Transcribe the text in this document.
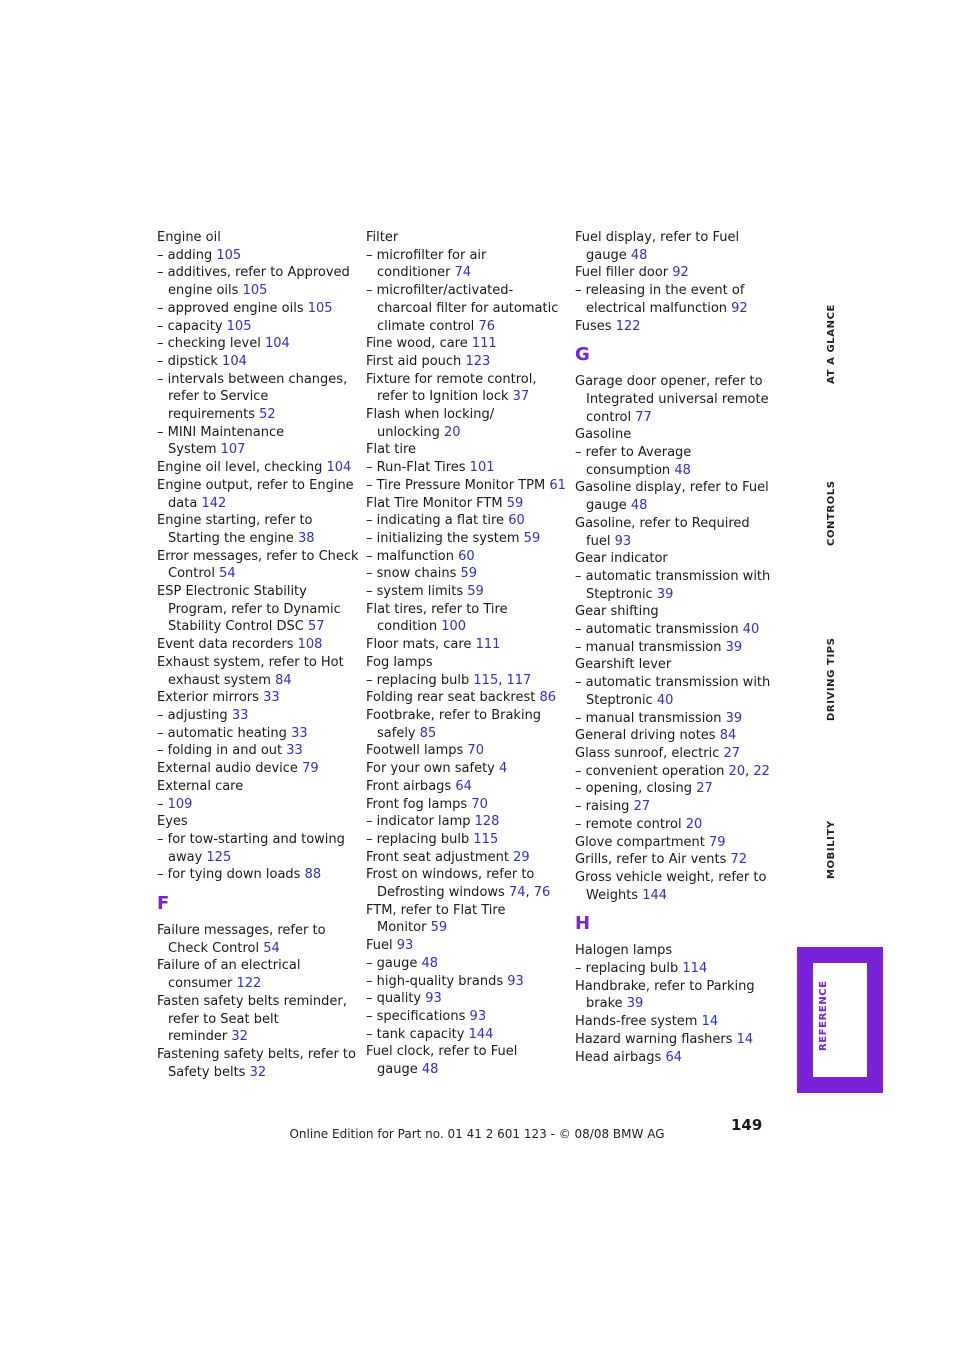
Engine oil
– adding 105
– additives, refer to Approved
engine oils 105
– approved engine oils 105
– capacity 105
– checking level 104
– dipstick 104
– intervals between changes,
refer to Service
requirements 52
– MINI Maintenance
System 107
Engine oil level, checking 104
Engine output, refer to Engine
data 142
Engine starting, refer to
Starting the engine 38
Error messages, refer to Check
Control 54
ESP Electronic Stability
Program, refer to Dynamic
Stability Control DSC 57
Event data recorders 108
Exhaust system, refer to Hot
exhaust system 84
Exterior mirrors 33
– adjusting 33
– automatic heating 33
– folding in and out 33
External audio device 79
External care
– 109
Eyes
– for tow-starting and towing
away 125
– for tying down loads 88
F
Failure messages, refer to
Check Control 54
Failure of an electrical
consumer 122
Fasten safety belts reminder,
refer to Seat belt
reminder 32
Fastening safety belts, refer to
Safety belts 32
Filter
– microfilter for air
conditioner 74
– microfilter/activated-
charcoal filter for automatic
climate control 76
Fine wood, care 111
First aid pouch 123
Fixture for remote control,
refer to Ignition lock 37
Flash when locking/
unlocking 20
Flat tire
– Run-Flat Tires 101
– Tire Pressure Monitor TPM 61
Flat Tire Monitor FTM 59
– indicating a flat tire 60
– initializing the system 59
– malfunction 60
– snow chains 59
– system limits 59
Flat tires, refer to Tire
condition 100
Floor mats, care 111
Fog lamps
– replacing bulb 115, 117
Folding rear seat backrest 86
Footbrake, refer to Braking
safely 85
Footwell lamps 70
For your own safety 4
Front airbags 64
Front fog lamps 70
– indicator lamp 128
– replacing bulb 115
Front seat adjustment 29
Frost on windows, refer to
Defrosting windows 74, 76
FTM, refer to Flat Tire
Monitor 59
Fuel 93
– gauge 48
– high-quality brands 93
– quality 93
– specifications 93
– tank capacity 144
Fuel clock, refer to Fuel
gauge 48
Fuel display, refer to Fuel
gauge 48
Fuel filler door 92
– releasing in the event of
electrical malfunction 92
Fuses 122
G
Garage door opener, refer to
Integrated universal remote
control 77
Gasoline
– refer to Average
consumption 48
Gasoline display, refer to Fuel
gauge 48
Gasoline, refer to Required
fuel 93
Gear indicator
– automatic transmission with
Steptronic 39
Gear shifting
– automatic transmission 40
– manual transmission 39
Gearshift lever
– automatic transmission with
Steptronic 40
– manual transmission 39
General driving notes 84
Glass sunroof, electric 27
– convenient operation 20, 22
– opening, closing 27
– raising 27
– remote control 20
Glove compartment 79
Grills, refer to Air vents 72
Gross vehicle weight, refer to
Weights 144
H
Halogen lamps
– replacing bulb 114
Handbrake, refer to Parking
brake 39
Hands-free system 14
Hazard warning flashers 14
Head airbags 64
AT A GLANCE
CONTROLS
DRIVING TIPS
MOBILITY
REFERENCE
149
Online Edition for Part no. 01 41 2 601 123 - © 08/08 BMW AG
